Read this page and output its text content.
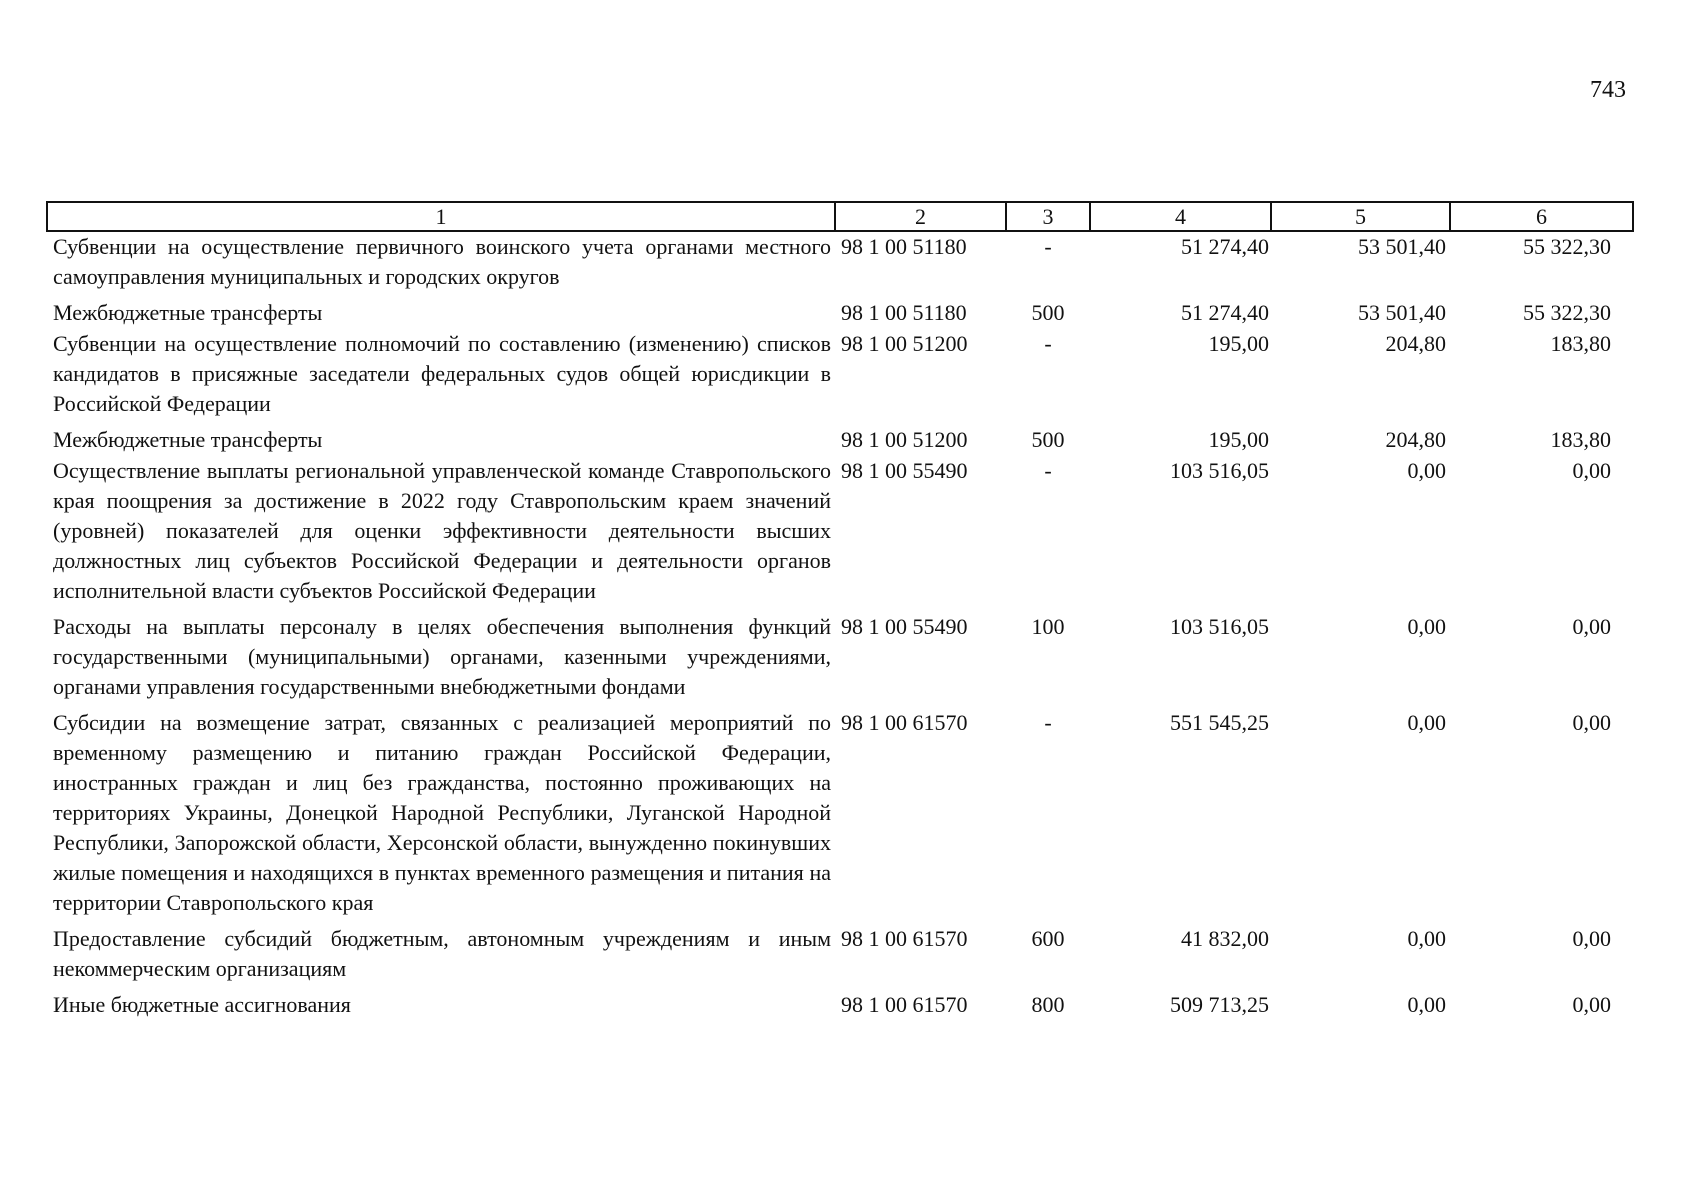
743
1	2	3	4	5	6
Субвенции на осуществление первичного воинского учета органами местного самоуправления муниципальных и городских округов	98 1 00 51180	-	51 274,40	53 501,40	55 322,30
Межбюджетные трансферты	98 1 00 51180	500	51 274,40	53 501,40	55 322,30
Субвенции на осуществление полномочий по составлению (изменению) списков кандидатов в присяжные заседатели федеральных судов общей юрисдикции в Российской Федерации	98 1 00 51200	-	195,00	204,80	183,80
Межбюджетные трансферты	98 1 00 51200	500	195,00	204,80	183,80
Осуществление выплаты региональной управленческой команде Ставропольского края поощрения за достижение в 2022 году Ставропольским краем значений (уровней) показателей для оценки эффективности деятельности высших должностных лиц субъектов Российской Федерации и деятельности органов исполнительной власти субъектов Российской Федерации	98 1 00 55490	-	103 516,05	0,00	0,00
Расходы на выплаты персоналу в целях обеспечения выполнения функций государственными (муниципальными) органами, казенными учреждениями, органами управления государственными внебюджетными фондами	98 1 00 55490	100	103 516,05	0,00	0,00
Субсидии на возмещение затрат, связанных с реализацией мероприятий по временному размещению и питанию граждан Российской Федерации, иностранных граждан и лиц без гражданства, постоянно проживающих на территориях Украины, Донецкой Народной Республики, Луганской Народной Республики, Запорожской области, Херсонской области, вынужденно покинувших жилые помещения и находящихся в пунктах временного размещения и питания на территории Ставропольского края	98 1 00 61570	-	551 545,25	0,00	0,00
Предоставление субсидий бюджетным, автономным учреждениям и иным некоммерческим организациям	98 1 00 61570	600	41 832,00	0,00	0,00
Иные бюджетные ассигнования	98 1 00 61570	800	509 713,25	0,00	0,00
